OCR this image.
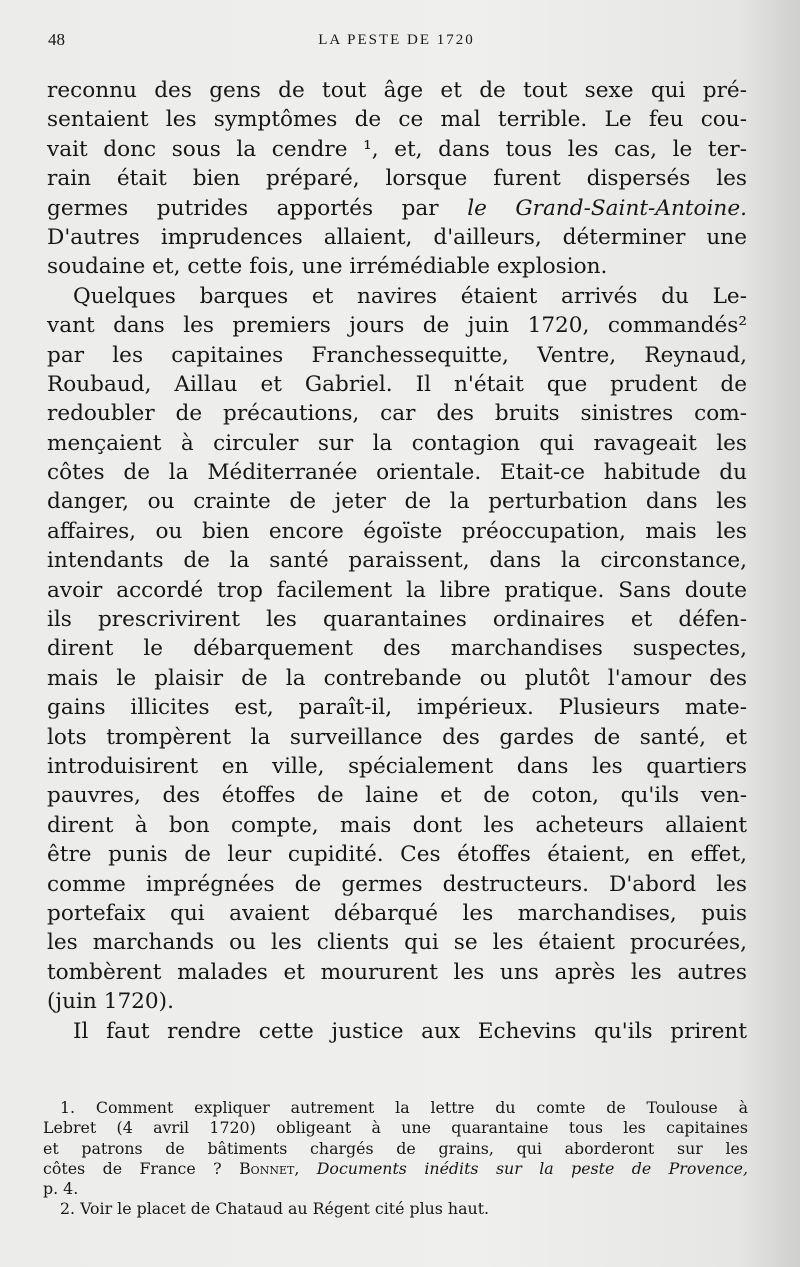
48	LA PESTE DE 1720
reconnu des gens de tout âge et de tout sexe qui pré-
sentaient les symptômes de ce mal terrible. Le feu cou-
vait donc sous la cendre ¹, et, dans tous les cas, le ter-
rain était bien préparé, lorsque furent dispersés les
germes putrides apportés par le Grand-Saint-Antoine.
D'autres imprudences allaient, d'ailleurs, déterminer une
soudaine et, cette fois, une irrémédiable explosion.
Quelques barques et navires étaient arrivés du Le-
vant dans les premiers jours de juin 1720, commandés²
par les capitaines Franchessequitte, Ventre, Reynaud,
Roubaud, Aillau et Gabriel. Il n'était que prudent de
redoubler de précautions, car des bruits sinistres com-
mençaient à circuler sur la contagion qui ravageait les
côtes de la Méditerranée orientale. Etait-ce habitude du
danger, ou crainte de jeter de la perturbation dans les
affaires, ou bien encore égoïste préoccupation, mais les
intendants de la santé paraissent, dans la circonstance,
avoir accordé trop facilement la libre pratique. Sans doute
ils prescrivirent les quarantaines ordinaires et défen-
dirent le débarquement des marchandises suspectes,
mais le plaisir de la contrebande ou plutôt l'amour des
gains illicites est, paraît-il, impérieux. Plusieurs mate-
lots trompèrent la surveillance des gardes de santé, et
introduisirent en ville, spécialement dans les quartiers
pauvres, des étoffes de laine et de coton, qu'ils ven-
dirent à bon compte, mais dont les acheteurs allaient
être punis de leur cupidité. Ces étoffes étaient, en effet,
comme imprégnées de germes destructeurs. D'abord les
portefaix qui avaient débarqué les marchandises, puis
les marchands ou les clients qui se les étaient procurées,
tombèrent malades et moururent les uns après les autres
(juin 1720).
Il faut rendre cette justice aux Echevins qu'ils prirent
1. Comment expliquer autrement la lettre du comte de Toulouse à
Lebret (4 avril 1720) obligeant à une quarantaine tous les capitaines
et patrons de bâtiments chargés de grains, qui aborderont sur les
côtes de France ? Bonnet, Documents inédits sur la peste de Provence,
p. 4.
2. Voir le placet de Chataud au Régent cité plus haut.
